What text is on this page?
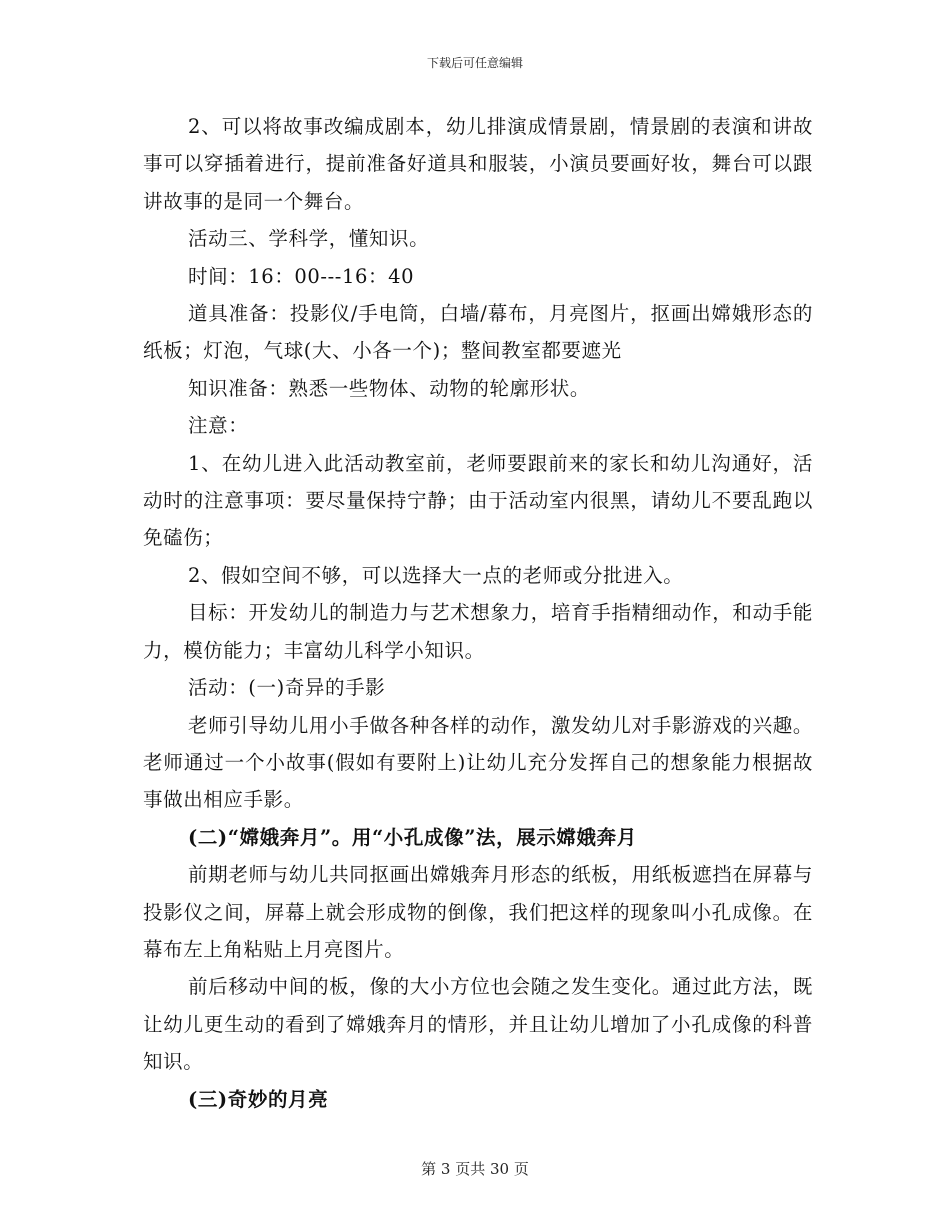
下载后可任意编辑

2、可以将故事改编成剧本，幼儿排演成情景剧，情景剧的表演和讲故事可以穿插着进行，提前准备好道具和服装，小演员要画好妆，舞台可以跟讲故事的是同一个舞台。

活动三、学科学，懂知识。

时间：16：00---16：40

道具准备：投影仪/手电筒，白墙/幕布，月亮图片，抠画出嫦娥形态的纸板；灯泡，气球(大、小各一个)；整间教室都要遮光

知识准备：熟悉一些物体、动物的轮廓形状。

注意：

1、在幼儿进入此活动教室前，老师要跟前来的家长和幼儿沟通好，活动时的注意事项：要尽量保持宁静；由于活动室内很黑，请幼儿不要乱跑以免磕伤；

2、假如空间不够，可以选择大一点的老师或分批进入。

目标：开发幼儿的制造力与艺术想象力，培育手指精细动作，和动手能力，模仿能力；丰富幼儿科学小知识。

活动：(一)奇异的手影

老师引导幼儿用小手做各种各样的动作，激发幼儿对手影游戏的兴趣。老师通过一个小故事(假如有要附上)让幼儿充分发挥自己的想象能力根据故事做出相应手影。

(二)“嫦娥奔月”。用“小孔成像”法，展示嫦娥奔月

前期老师与幼儿共同抠画出嫦娥奔月形态的纸板，用纸板遮挡在屏幕与投影仪之间，屏幕上就会形成物的倒像，我们把这样的现象叫小孔成像。在幕布左上角粘贴上月亮图片。

前后移动中间的板，像的大小方位也会随之发生变化。通过此方法，既让幼儿更生动的看到了嫦娥奔月的情形，并且让幼儿增加了小孔成像的科普知识。

(三)奇妙的月亮

第 3 页共 30 页
